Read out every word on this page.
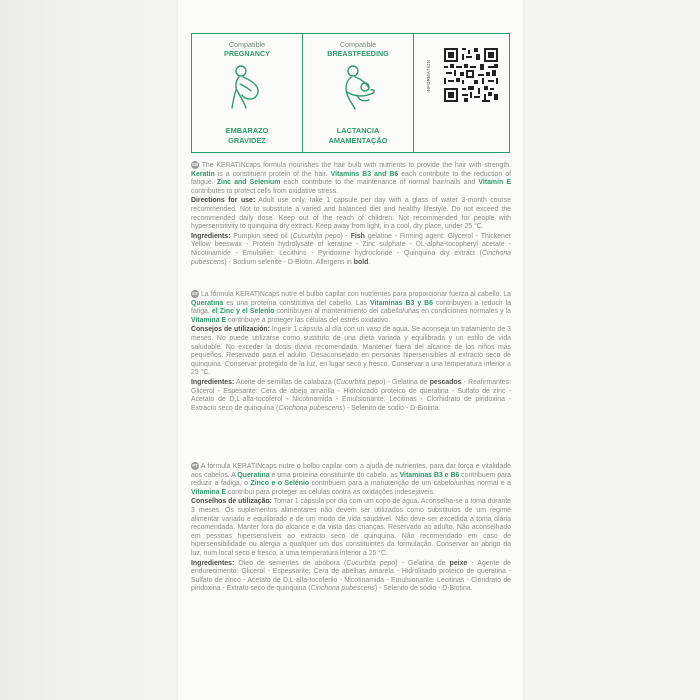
Compatible
PREGNANCY
EMBARAZO
GRAVIDEZ
Compatible
BREASTFEEDING
LACTANCIA
AMAMENTAÇÃO
INFORMATION

GB The KERATINcaps formula nourishes the hair bulb with nutrients to provide the hair with strength. Keratin is a constituent protein of the hair. Vitamins B3 and B6 each contribute to the reduction of fatigue. Zinc and Selenium each contribute to the maintenance of normal hair/nails and Vitamin E contributes to protect cells from oxidative stress.

Directions for use: Adult use only, take 1 capsule per day with a glass of water 3-month course recommended. Not to substitute a varied and balanced diet and healthy lifestyle. Do not exceed the recommended daily dose. Keep out of the reach of children. Not recommended for people with hypersensitivity to quinquina dry extract. Keep away from light, in a cool, dry place, under 25 °C.

Ingredients: Pumpkin seed oil (Cucurbita pepo) - Fish gelatine - Firming agent: Glycerol - Thickener Yellow beeswax - Protein hydrolysate of keratine - Zinc sulphate - DL-alpha-tocopheryl acetate - Nicotinamide - Emulsifier: Lecithins - Pyridoxine hydrocloride - Quinquina dry extract (Cinchona pubescens) - Sodium selenite - D-Biotin. Allergens in bold.

ES La fórmula KERATINcaps nutre el bulbo capilar con nutrientes para proporcionar fuerza al cabello. La Queratina es una proteína constitutiva del cabello. Las Vitaminas B3 y B6 contribuyen a reducir la fatiga, el Zinc y el Selenio contribuyen al mantenimiento del cabello/uñas en condiciones normales y la Vitamina E contribuye a proteger las células del estrés oxidativo.

Consejos de utilización: Ingerir 1 cápsula al día con un vaso de agua. Se aconseja un tratamiento de 3 meses. No puede utilizarse como sustituto de una dieta variada y equilibrada y un estilo de vida saludable. No exceder la dosis diaria recomendada. Mantener fuera del alcance de los niños más pequeños. Reservado para el adulto. Desaconsejado en personas hipersensibles al extracto seco de quinquina. Conservar protegido de la luz, en lugar seco y fresco. Conservar a una temperatura inferior a 25 °C.

Ingredientes: Aceite de semillas de calabaza (Cucurbita pepo) - Gelatina de pescados - Reafirmantes: Glicerol - Espesante: Cera de abeja amarilla - Hidrolizado proteico de queratina - Sulfato de zinc - Acetato de D,L-alfa-tocoferol - Nicotinamida - Emulsionante: Lecitinas - Clorhidrato de piridoxina - Extracto seco de quinquina (Cinchona pubescens) - Selenito de sodio - D-Biotina.

PT A fórmula KERATINcaps nutre o bolbo capilar com a ajuda de nutrientes, para dar força e vitalidade aos cabelos. A Queratina é uma proteína constituinte do cabelo. as Vitaminas B3 e B6 contribuem para reduzir a fadiga, o Zinco e o Selénio contribuem para a manutenção de um cabelo/unhas normal e a Vitamina E contribui para proteger as células contra as oxidações indesejáveis.

Conselhos de utilização: Tomar 1 cápsula por dia com um copo de água. Aconselha-se a toma durante 3 meses. Os suplementos alimentares não devem ser utilizados como substitutos de um regime alimentar variado e equilibrado e de um modo de vida saudável. Não deve ser excedida a toma diária recomendada. Manter fora do alcance e da vista das crianças. Reservado ao adulto. Não aconselhado em pessoas hipersensíveis ao extracto seco de quinquina. Não recomendado em caso de hipersensibilidade ou alergia a qualquer um dos constituintes da formulação. Conservar ao abrigo da luz, num local seco e fresco, a uma temperatura inferior a 25 °C.

Ingredientes: Óleo de sementes de abóbora (Cucurbita pepo) - Gelatina de peixe - Agente de endurecimento: Glicerol - Espessante: Cera de abelhas amarela - Hidrolisado proteico de queratina - Sulfato de zinco - Acetato de D,L-alfa-tocoferilo - Nicotinamida - Emulsionante: Lecitinas - Cloridrato de piridoxina - Extrato seco de quinquina (Cinchona pubescens) - Selenito de sódio - D-Biotina.
